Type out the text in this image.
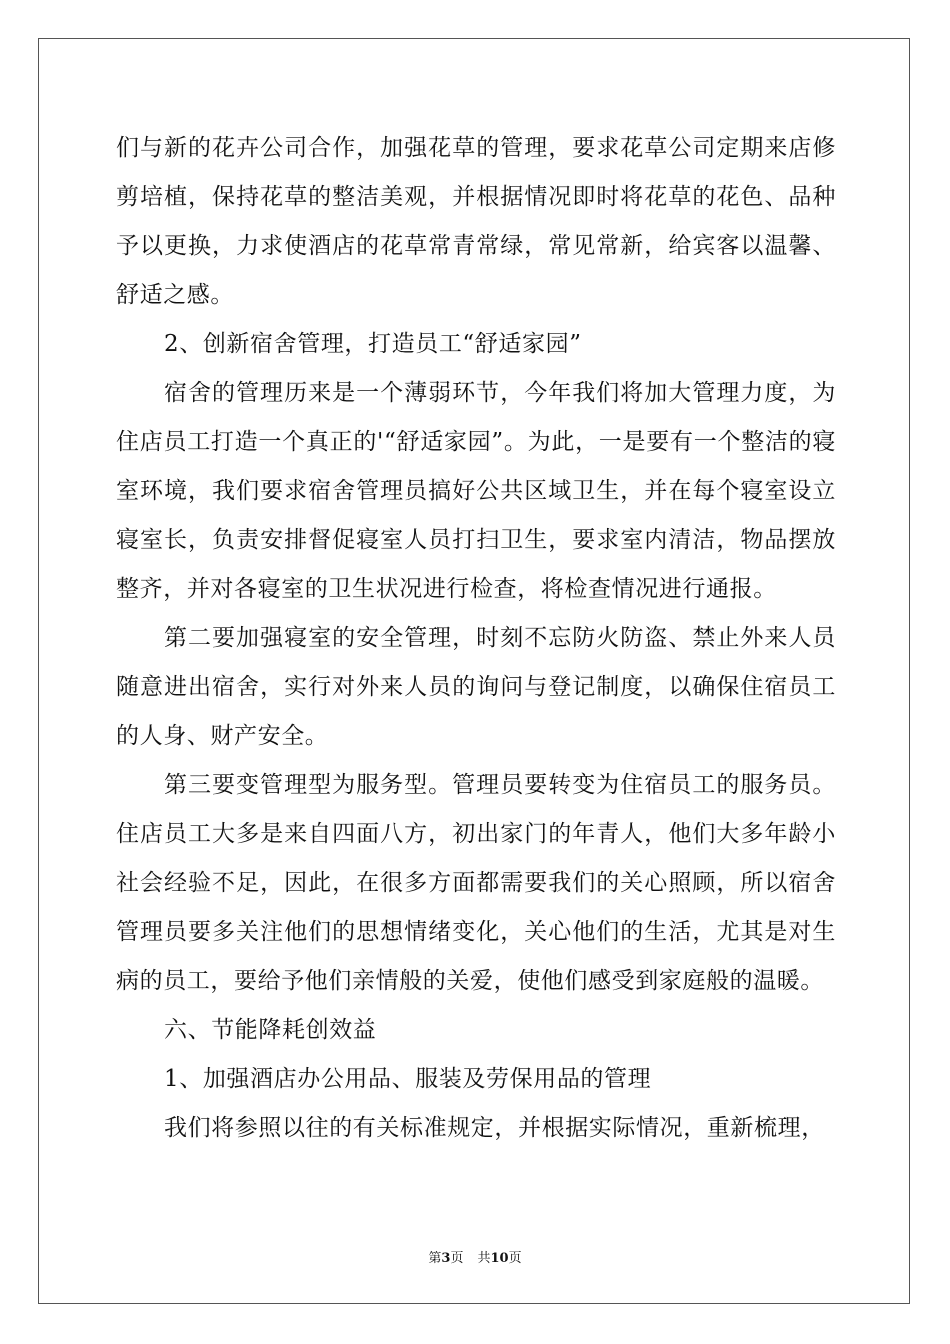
们与新的花卉公司合作，加强花草的管理，要求花草公司定期来店修剪培植，保持花草的整洁美观，并根据情况即时将花草的花色、品种予以更换，力求使酒店的花草常青常绿，常见常新，给宾客以温馨、舒适之感。

2、创新宿舍管理，打造员工“舒适家园”

宿舍的管理历来是一个薄弱环节，今年我们将加大管理力度，为住店员工打造一个真正的'“舒适家园”。为此，一是要有一个整洁的寝室环境，我们要求宿舍管理员搞好公共区域卫生，并在每个寝室设立寝室长，负责安排督促寝室人员打扫卫生，要求室内清洁，物品摆放整齐，并对各寝室的卫生状况进行检查，将检查情况进行通报。

第二要加强寝室的安全管理，时刻不忘防火防盗、禁止外来人员随意进出宿舍，实行对外来人员的询问与登记制度，以确保住宿员工的人身、财产安全。

第三要变管理型为服务型。管理员要转变为住宿员工的服务员。住店员工大多是来自四面八方，初出家门的年青人，他们大多年龄小社会经验不足，因此，在很多方面都需要我们的关心照顾，所以宿舍管理员要多关注他们的思想情绪变化，关心他们的生活，尤其是对生病的员工，要给予他们亲情般的关爱，使他们感受到家庭般的温暖。

六、节能降耗创效益

1、加强酒店办公用品、服装及劳保用品的管理

我们将参照以往的有关标准规定，并根据实际情况，重新梳理，

第3页 共10页
